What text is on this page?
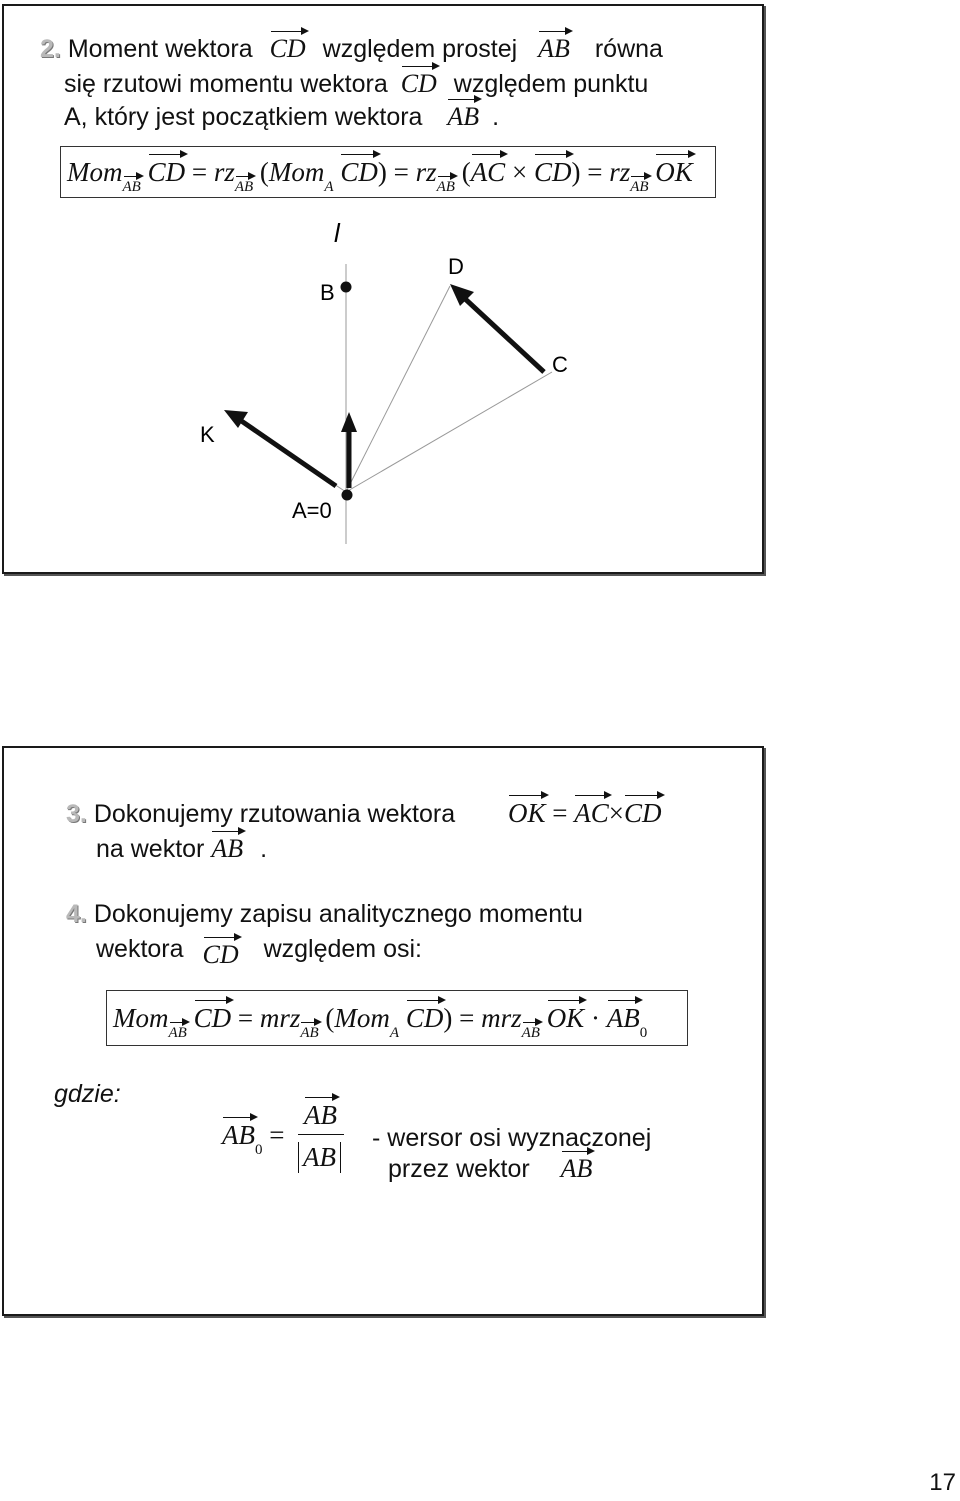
2. Moment wektora CD względem prostej AB równa
się rzutowi momentu wektora CD względem punktu
A, który jest początkiem wektora AB .
MomAB CD = rzAB (Mom$_A$ CD) = rzAB (AC × CD) = rzAB OK
l
B
D
C
K
A=0
3. Dokonujemy rzutowania wektora OK = AC×CD
na wektor AB .
4. Dokonujemy zapisu analitycznego momentu
wektora CD względem osi:
MomAB CD = mrzAB (Mom$_A$ CD) = mrzAB OK · $AB_0$
gdzie:
$AB_0$ =
AB
AB
- wersor osi wyznaczonej
przez wektor AB
17
